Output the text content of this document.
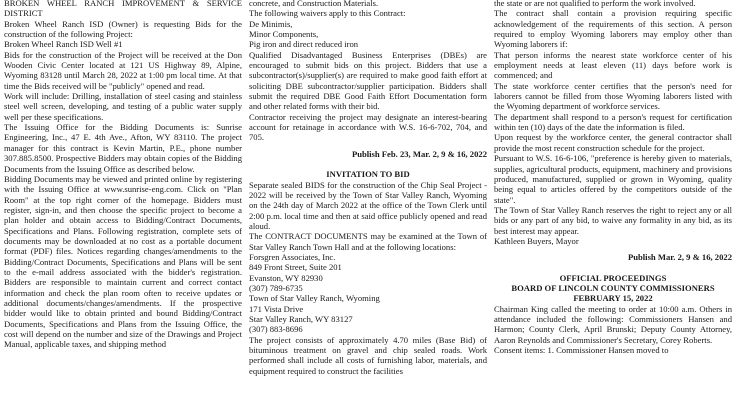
BROKEN WHEEL RANCH IMPROVEMENT & SERVICE DISTRICT

Broken Wheel Ranch ISD (Owner) is requesting Bids for the construction of the following Project:

Broken Wheel Ranch ISD Well #1

Bids for the construction of the Project will be received at the Don Wooden Civic Center located at 121 US Highway 89, Alpine, Wyoming 83128 until March 28, 2022 at 1:00 pm local time. At that time the Bids received will be "publicly" opened and read.

Work will include: Drilling, installation of steel casing and stainless steel well screen, developing, and testing of a public water supply well per these specifications.

The Issuing Office for the Bidding Documents is: Sunrise Engineering, Inc., 47 E. 4th Ave., Afton, WY 83110. The project manager for this contract is Kevin Martin, P.E., phone number 307.885.8500. Prospective Bidders may obtain copies of the Bidding Documents from the Issuing Office as described below.

Bidding Documents may be viewed and printed online by registering with the Issuing Office at www.sunrise-eng.com. Click on "Plan Room" at the top right corner of the homepage. Bidders must register, sign-in, and then choose the specific project to become a plan holder and obtain access to Bidding/Contract Documents, Specifications and Plans. Following registration, complete sets of documents may be downloaded at no cost as a portable document format (PDF) files. Notices regarding changes/amendments to the Bidding/Contract Documents, Specifications and Plans will be sent to the e-mail address associated with the bidder's registration. Bidders are responsible to maintain current and correct contact information and check the plan room often to receive updates or additional documents/changes/amendments. If the prospective bidder would like to obtain printed and bound Bidding/Contract Documents, Specifications and Plans from the Issuing Office, the cost will depend on the number and size of the Drawings and Project Manual, applicable taxes, and shipping method

concrete, and Construction Materials.

The following waivers apply to this Contract:

De Minimis,

Minor Components,

Pig iron and direct reduced iron

Qualified Disadvantaged Business Enterprises (DBEs) are encouraged to submit bids on this project. Bidders that use a subcontractor(s)/supplier(s) are required to make good faith effort at soliciting DBE subcontractor/supplier participation. Bidders shall submit the required DBE Good Faith Effort Documentation form and other related forms with their bid.

Contractor receiving the project may designate an interest-bearing account for retainage in accordance with W.S. 16-6-702, 704, and 705.

Publish Feb. 23, Mar. 2, 9 & 16, 2022

INVITATION TO BID

Separate sealed BIDS for the construction of the Chip Seal Project - 2022 will be received by the Town of Star Valley Ranch, Wyoming on the 24th day of March 2022 at the office of the Town Clerk until 2:00 p.m. local time and then at said office publicly opened and read aloud.

The CONTRACT DOCUMENTS may be examined at the Town of Star Valley Ranch Town Hall and at the following locations:

Forsgren Associates, Inc.

849 Front Street, Suite 201

Evanston, WY 82930

(307) 789-6735

Town of Star Valley Ranch, Wyoming

171 Vista Drive

Star Valley Ranch, WY 83127

(307) 883-8696

The project consists of approximately 4.70 miles (Base Bid) of bituminous treatment on gravel and chip sealed roads. Work performed shall include all costs of furnishing labor, materials, and equipment required to construct the facilities

the state or are not qualified to perform the work involved.

The contract shall contain a provision requiring specific acknowledgement of the requirements of this section. A person required to employ Wyoming laborers may employ other than Wyoming laborers if:

That person informs the nearest state workforce center of his employment needs at least eleven (11) days before work is commenced; and

The state workforce center certifies that the person's need for laborers cannot be filled from those Wyoming laborers listed with the Wyoming department of workforce services.

The department shall respond to a person's request for certification within ten (10) days of the date the information is filed.

Upon request by the workforce center, the general contractor shall provide the most recent construction schedule for the project.

Pursuant to W.S. 16-6-106, "preference is hereby given to materials, supplies, agricultural products, equipment, machinery and provisions produced, manufactured, supplied or grown in Wyoming, quality being equal to articles offered by the competitors outside of the state".

The Town of Star Valley Ranch reserves the right to reject any or all bids or any part of any bid, to waive any formality in any bid, as its best interest may appear.

Kathleen Buyers, Mayor

Publish Mar. 2, 9 & 16, 2022

OFFICIAL PROCEEDINGS

BOARD OF LINCOLN COUNTY COMMISSIONERS

FEBRUARY 15, 2022

Chairman King called the meeting to order at 10:00 a.m. Others in attendance included the following: Commissioners Hansen and Harmon; County Clerk, April Brunski; Deputy County Attorney, Aaron Reynolds and Commissioner's Secretary, Corey Roberts.

Consent items: 1. Commissioner Hansen moved to
